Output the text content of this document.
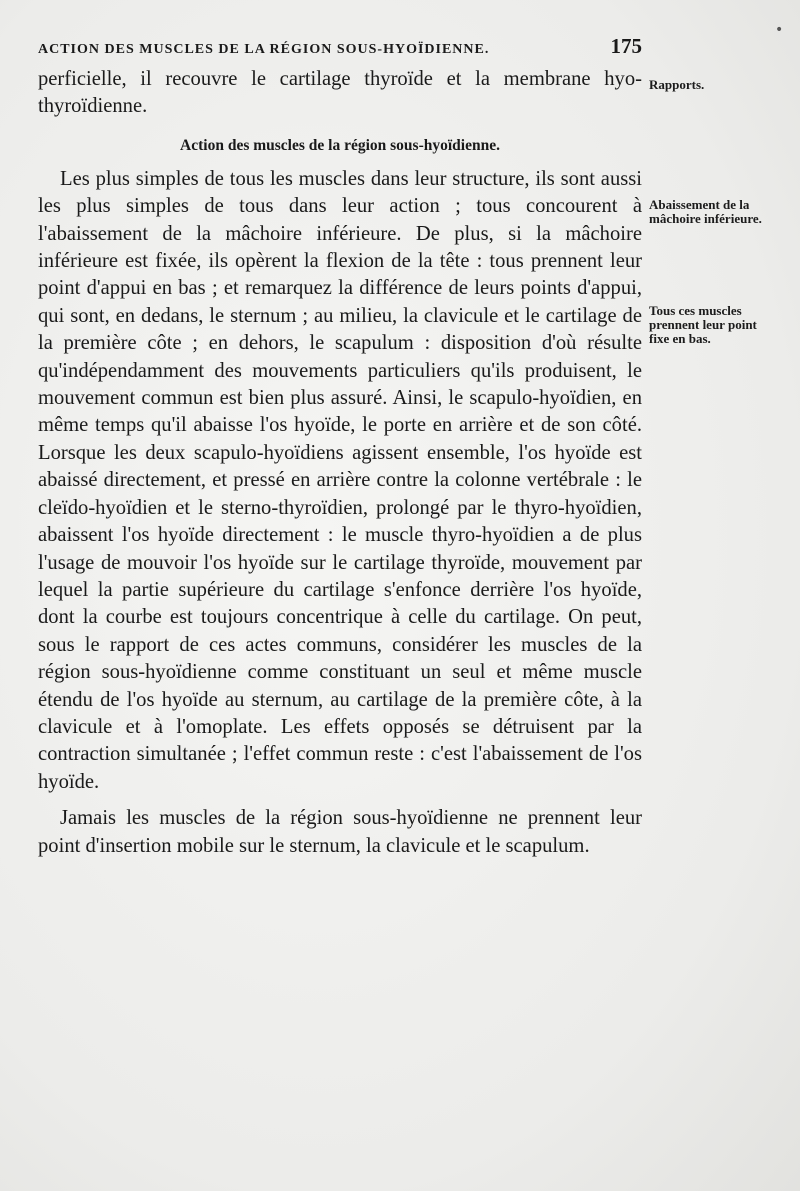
ACTION DES MUSCLES DE LA RÉGION SOUS-HYOÏDIENNE.	175

perficielle, il recouvre le cartilage thyroïde et la membrane hyo-thyroïdienne.

Action des muscles de la région sous-hyoïdienne.

Les plus simples de tous les muscles dans leur structure, ils sont aussi les plus simples de tous dans leur action ; tous concourent à l'abaissement de la mâchoire inférieure. De plus, si la mâchoire inférieure est fixée, ils opèrent la flexion de la tête : tous prennent leur point d'appui en bas ; et remarquez la différence de leurs points d'appui, qui sont, en dedans, le sternum ; au milieu, la clavicule et le cartilage de la première côte ; en dehors, le scapulum : disposition d'où résulte qu'indépendamment des mouvements particuliers qu'ils produisent, le mouvement commun est bien plus assuré. Ainsi, le scapulo-hyoïdien, en même temps qu'il abaisse l'os hyoïde, le porte en arrière et de son côté. Lorsque les deux scapulo-hyoïdiens agissent ensemble, l'os hyoïde est abaissé directement, et pressé en arrière contre la colonne vertébrale : le cleïdo-hyoïdien et le sterno-thyroïdien, prolongé par le thyro-hyoïdien, abaissent l'os hyoïde directement : le muscle thyro-hyoïdien a de plus l'usage de mouvoir l'os hyoïde sur le cartilage thyroïde, mouvement par lequel la partie supérieure du cartilage s'enfonce derrière l'os hyoïde, dont la courbe est toujours concentrique à celle du cartilage. On peut, sous le rapport de ces actes communs, considérer les muscles de la région sous-hyoïdienne comme constituant un seul et même muscle étendu de l'os hyoïde au sternum, au cartilage de la première côte, à la clavicule et à l'omoplate. Les effets opposés se détruisent par la contraction simultanée ; l'effet commun reste : c'est l'abaissement de l'os hyoïde.

Jamais les muscles de la région sous-hyoïdienne ne prennent leur point d'insertion mobile sur le sternum, la clavicule et le scapulum.

Rapports.
Abaissement de la mâchoire inférieure.
Tous ces muscles prennent leur point fixe en bas.
•
